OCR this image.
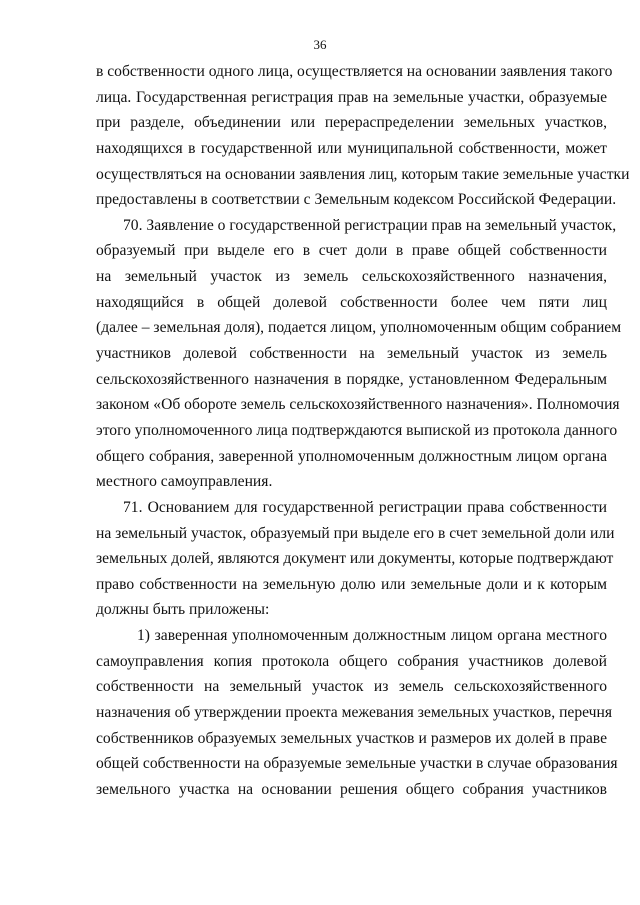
36
в собственности одного лица, осуществляется на основании заявления такого
лица. Государственная регистрация прав на земельные участки, образуемые
при разделе, объединении или перераспределении земельных участков,
находящихся в государственной или муниципальной собственности, может
осуществляться на основании заявления лиц, которым такие земельные участки
предоставлены в соответствии с Земельным кодексом Российской Федерации.
70. Заявление о государственной регистрации прав на земельный участок,
образуемый при выделе его в счет доли в праве общей собственности
на земельный участок из земель сельскохозяйственного назначения,
находящийся в общей долевой собственности более чем пяти лиц
(далее – земельная доля), подается лицом, уполномоченным общим собранием
участников долевой собственности на земельный участок из земель
сельскохозяйственного назначения в порядке, установленном Федеральным
законом «Об обороте земель сельскохозяйственного назначения». Полномочия
этого уполномоченного лица подтверждаются выпиской из протокола данного
общего собрания, заверенной уполномоченным должностным лицом органа
местного самоуправления.
71. Основанием для государственной регистрации права собственности
на земельный участок, образуемый при выделе его в счет земельной доли или
земельных долей, являются документ или документы, которые подтверждают
право собственности на земельную долю или земельные доли и к которым
должны быть приложены:
1) заверенная уполномоченным должностным лицом органа местного
самоуправления копия протокола общего собрания участников долевой
собственности на земельный участок из земель сельскохозяйственного
назначения об утверждении проекта межевания земельных участков, перечня
собственников образуемых земельных участков и размеров их долей в праве
общей собственности на образуемые земельные участки в случае образования
земельного участка на основании решения общего собрания участников
